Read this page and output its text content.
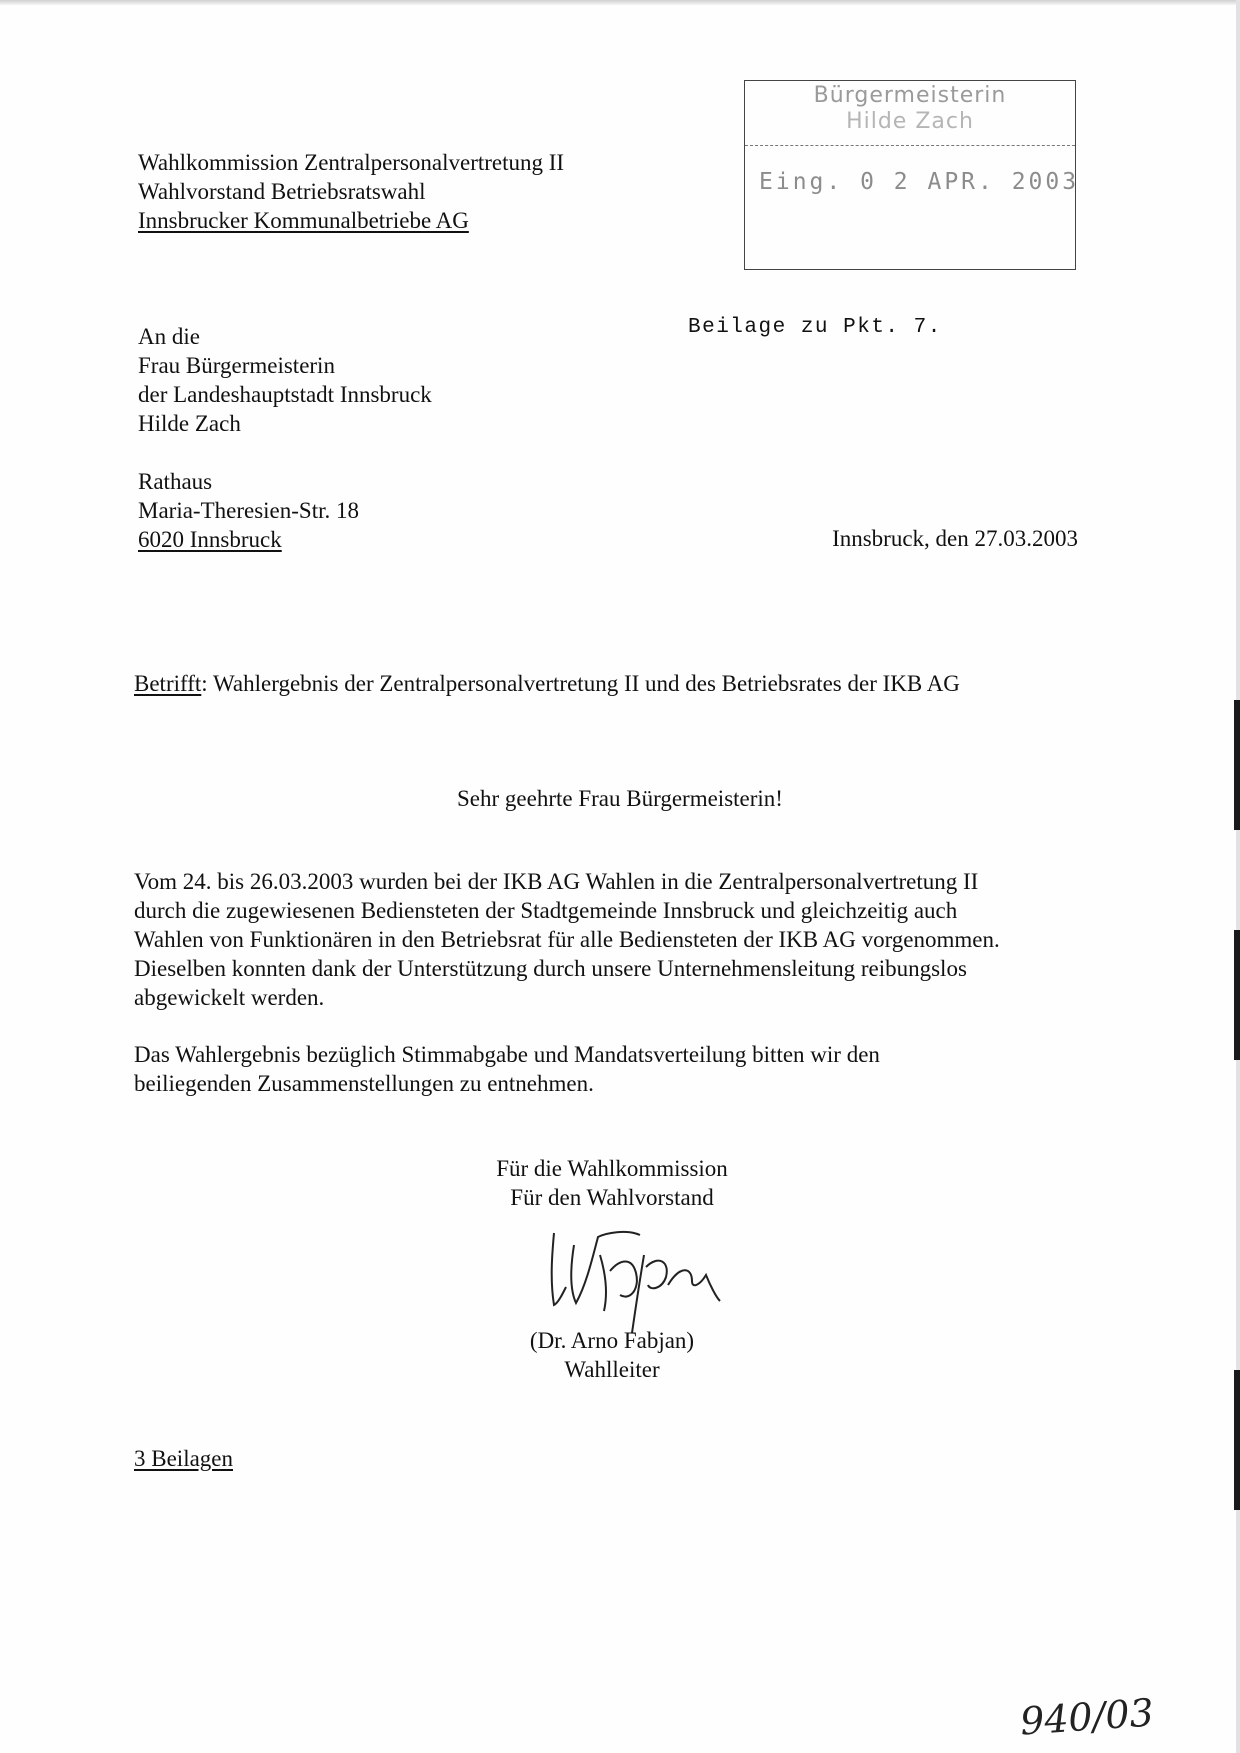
Wahlkommission Zentralpersonalvertretung II
Wahlvorstand Betriebsratswahl
Innsbrucker Kommunalbetriebe AG
Bürgermeisterin
Hilde Zach
Eing. 0 2 APR. 2003
Beilage zu Pkt. 7.
An die
Frau Bürgermeisterin
der Landeshauptstadt Innsbruck
Hilde Zach
Rathaus
Maria-Theresien-Str. 18
6020 Innsbruck	Innsbruck, den 27.03.2003
Betrifft: Wahlergebnis der Zentralpersonalvertretung II und des Betriebsrates der IKB AG
Sehr geehrte Frau Bürgermeisterin!
Vom 24. bis 26.03.2003 wurden bei der IKB AG Wahlen in die Zentralpersonalvertretung II
durch die zugewiesenen Bediensteten der Stadtgemeinde Innsbruck und gleichzeitig auch
Wahlen von Funktionären in den Betriebsrat für alle Bediensteten der IKB AG vorgenommen.
Dieselben konnten dank der Unterstützung durch unsere Unternehmensleitung reibungslos
abgewickelt werden.
Das Wahlergebnis bezüglich Stimmabgabe und Mandatsverteilung bitten wir den
beiliegenden Zusammenstellungen zu entnehmen.
Für die Wahlkommission
Für den Wahlvorstand
(Dr. Arno Fabjan)
Wahlleiter
3 Beilagen
940/03
